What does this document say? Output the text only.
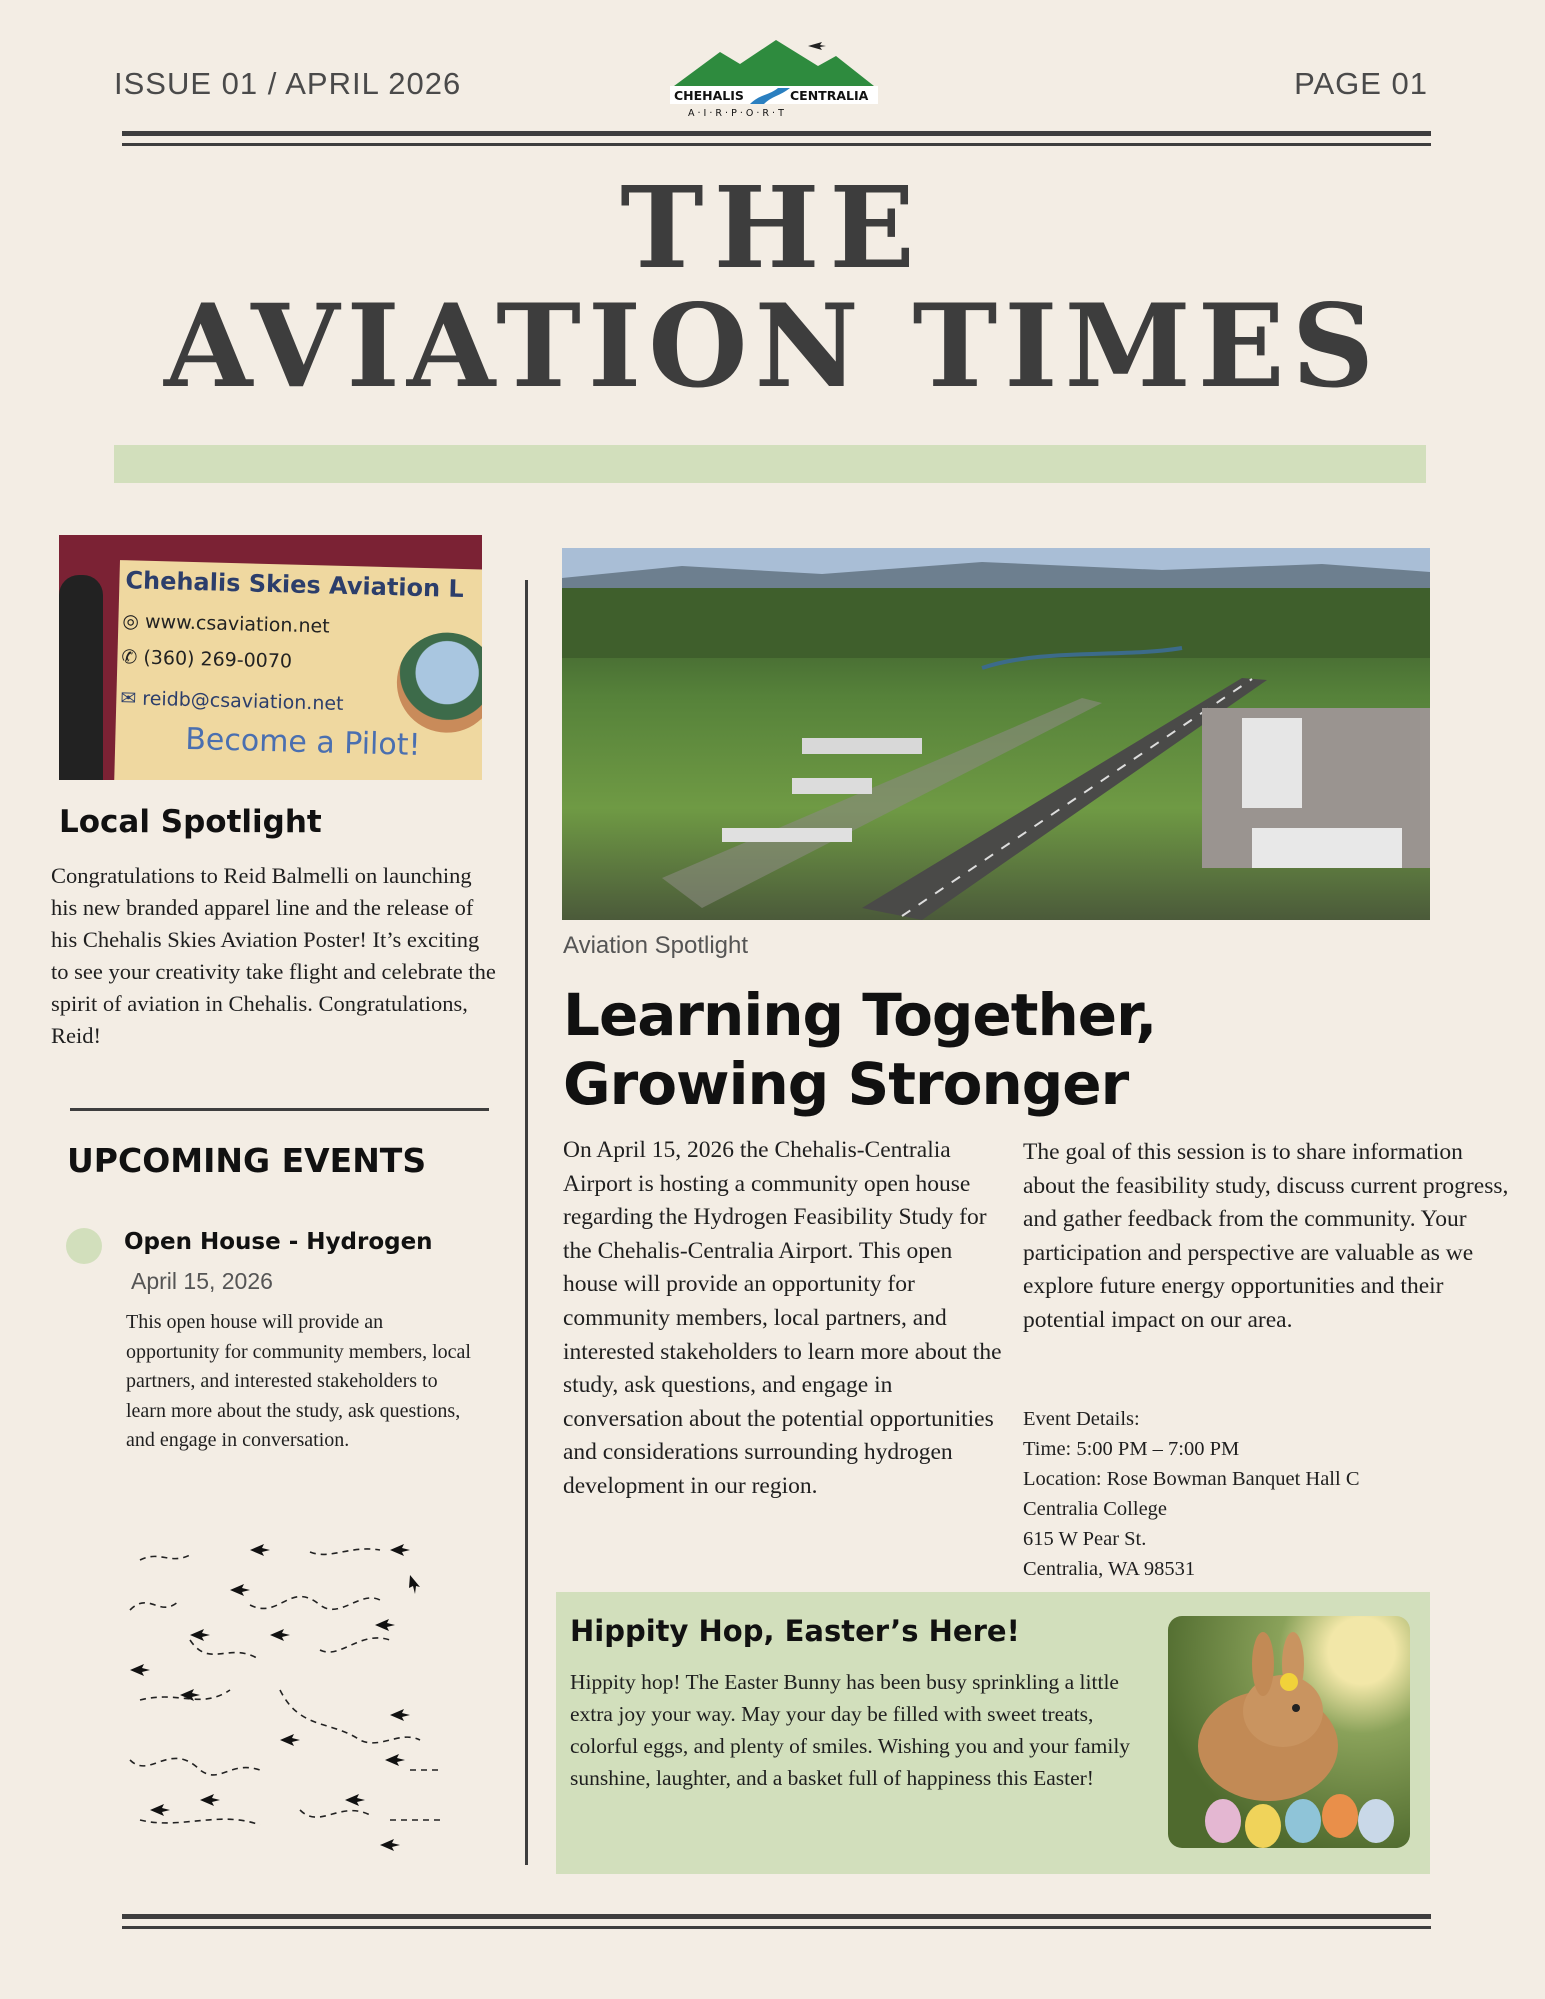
ISSUE 01 / APRIL 2026	PAGE 01
CHEHALIS	CENTRALIA
A · I · R · P · O · R · T
THE
AVIATION TIMES
Chehalis Skies Aviation L
◎ www.csaviation.net
✆ (360) 269-0070
✉ reidb@csaviation.net
Become a Pilot!
Local Spotlight
Congratulations to Reid Balmelli on launching his new branded apparel line and the release of his Chehalis Skies Aviation Poster! It’s exciting to see your creativity take flight and celebrate the spirit of aviation in Chehalis. Congratulations, Reid!
UPCOMING EVENTS
Open House - Hydrogen
April 15, 2026
This open house will provide an opportunity for community members, local partners, and interested stakeholders to learn more about the study, ask questions, and engage in conversation.
Aviation Spotlight
Learning Together,
Growing Stronger
On April 15, 2026 the Chehalis-Centralia Airport is hosting a community open house regarding the Hydrogen Feasibility Study for the Chehalis-Centralia Airport. This open house will provide an opportunity for community members, local partners, and interested stakeholders to learn more about the study, ask questions, and engage in conversation about the potential opportunities and considerations surrounding hydrogen development in our region.
The goal of this session is to share information about the feasibility study, discuss current progress, and gather feedback from the community. Your participation and perspective are valuable as we explore future energy opportunities and their potential impact on our area.
Event Details:
Time: 5:00 PM – 7:00 PM
Location: Rose Bowman Banquet Hall C
Centralia College
615 W Pear St.
Centralia, WA 98531
Hippity Hop, Easter’s Here!
Hippity hop! The Easter Bunny has been busy sprinkling a little extra joy your way. May your day be filled with sweet treats, colorful eggs, and plenty of smiles. Wishing you and your family sunshine, laughter, and a basket full of happiness this Easter!
